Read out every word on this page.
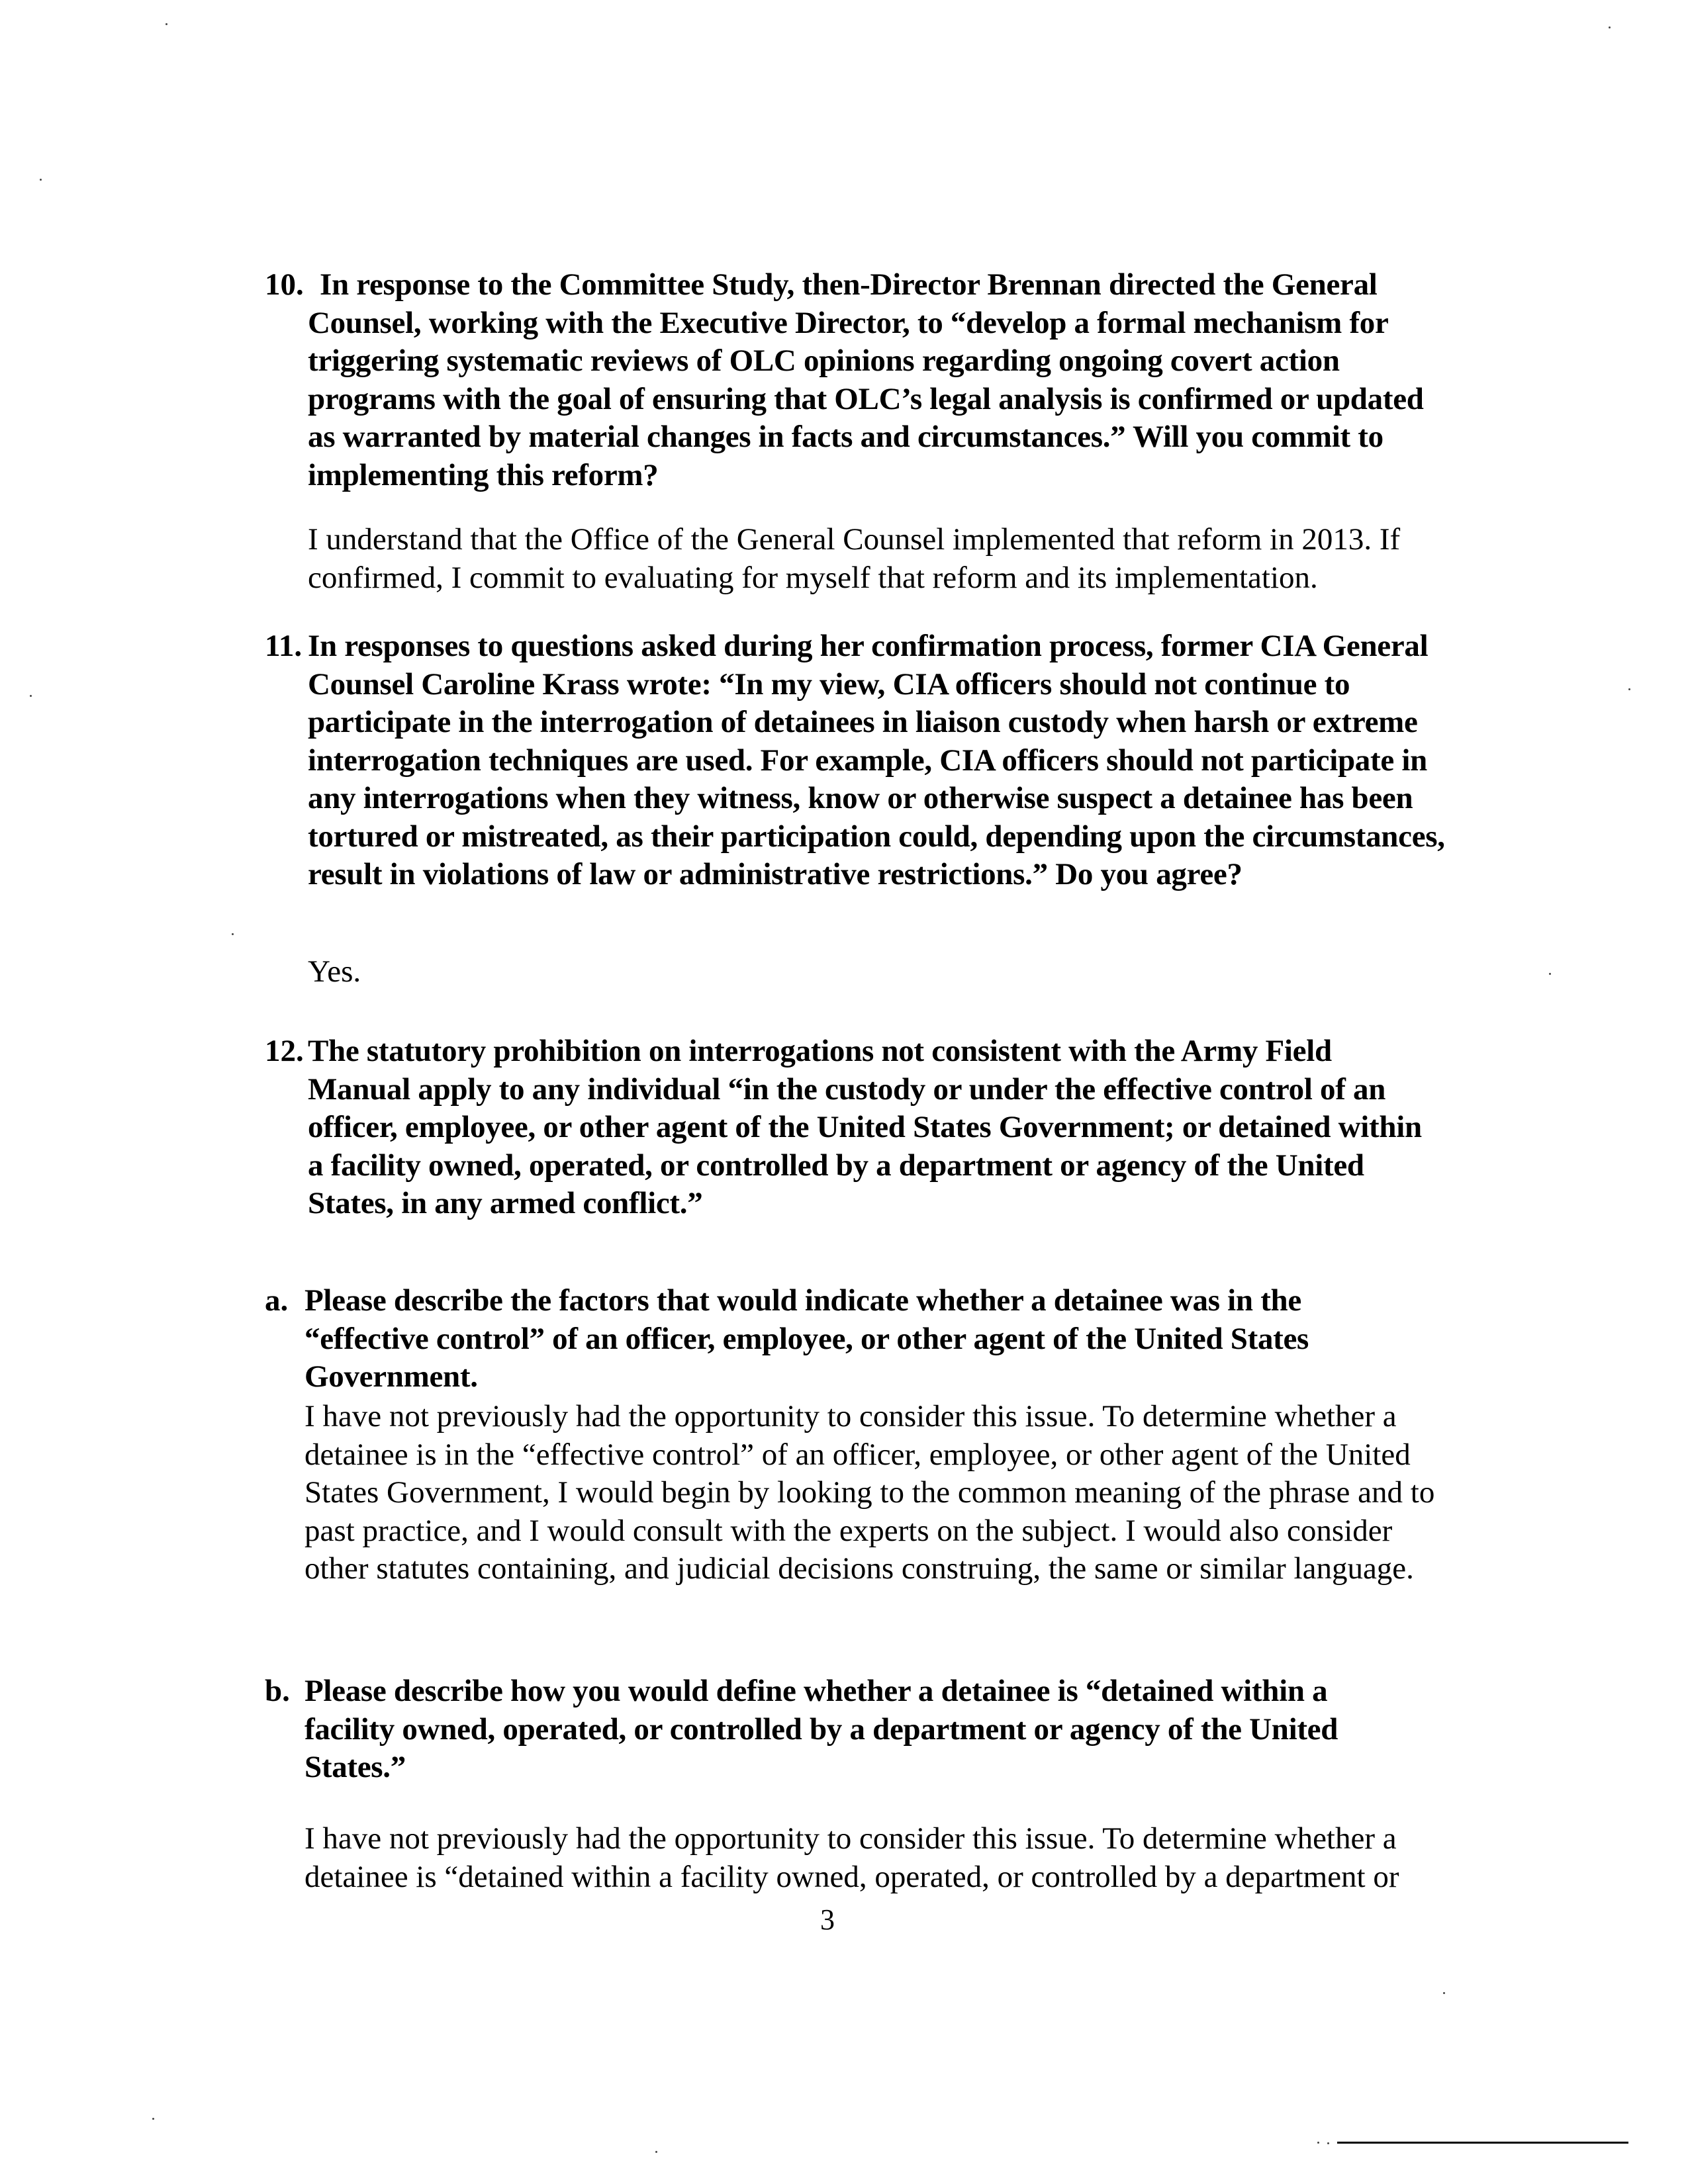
10. In response to the Committee Study, then-Director Brennan directed the General Counsel, working with the Executive Director, to “develop a formal mechanism for triggering systematic reviews of OLC opinions regarding ongoing covert action programs with the goal of ensuring that OLC’s legal analysis is confirmed or updated as warranted by material changes in facts and circumstances.” Will you commit to implementing this reform?

I understand that the Office of the General Counsel implemented that reform in 2013. If confirmed, I commit to evaluating for myself that reform and its implementation.

11. In responses to questions asked during her confirmation process, former CIA General Counsel Caroline Krass wrote: “In my view, CIA officers should not continue to participate in the interrogation of detainees in liaison custody when harsh or extreme interrogation techniques are used. For example, CIA officers should not participate in any interrogations when they witness, know or otherwise suspect a detainee has been tortured or mistreated, as their participation could, depending upon the circumstances, result in violations of law or administrative restrictions.” Do you agree?

Yes.

12. The statutory prohibition on interrogations not consistent with the Army Field Manual apply to any individual “in the custody or under the effective control of an officer, employee, or other agent of the United States Government; or detained within a facility owned, operated, or controlled by a department or agency of the United States, in any armed conflict.”

a. Please describe the factors that would indicate whether a detainee was in the “effective control” of an officer, employee, or other agent of the United States Government.

I have not previously had the opportunity to consider this issue. To determine whether a detainee is in the “effective control” of an officer, employee, or other agent of the United States Government, I would begin by looking to the common meaning of the phrase and to past practice, and I would consult with the experts on the subject. I would also consider other statutes containing, and judicial decisions construing, the same or similar language.

b. Please describe how you would define whether a detainee is “detained within a facility owned, operated, or controlled by a department or agency of the United States.”

I have not previously had the opportunity to consider this issue. To determine whether a detainee is “detained within a facility owned, operated, or controlled by a department or

3
